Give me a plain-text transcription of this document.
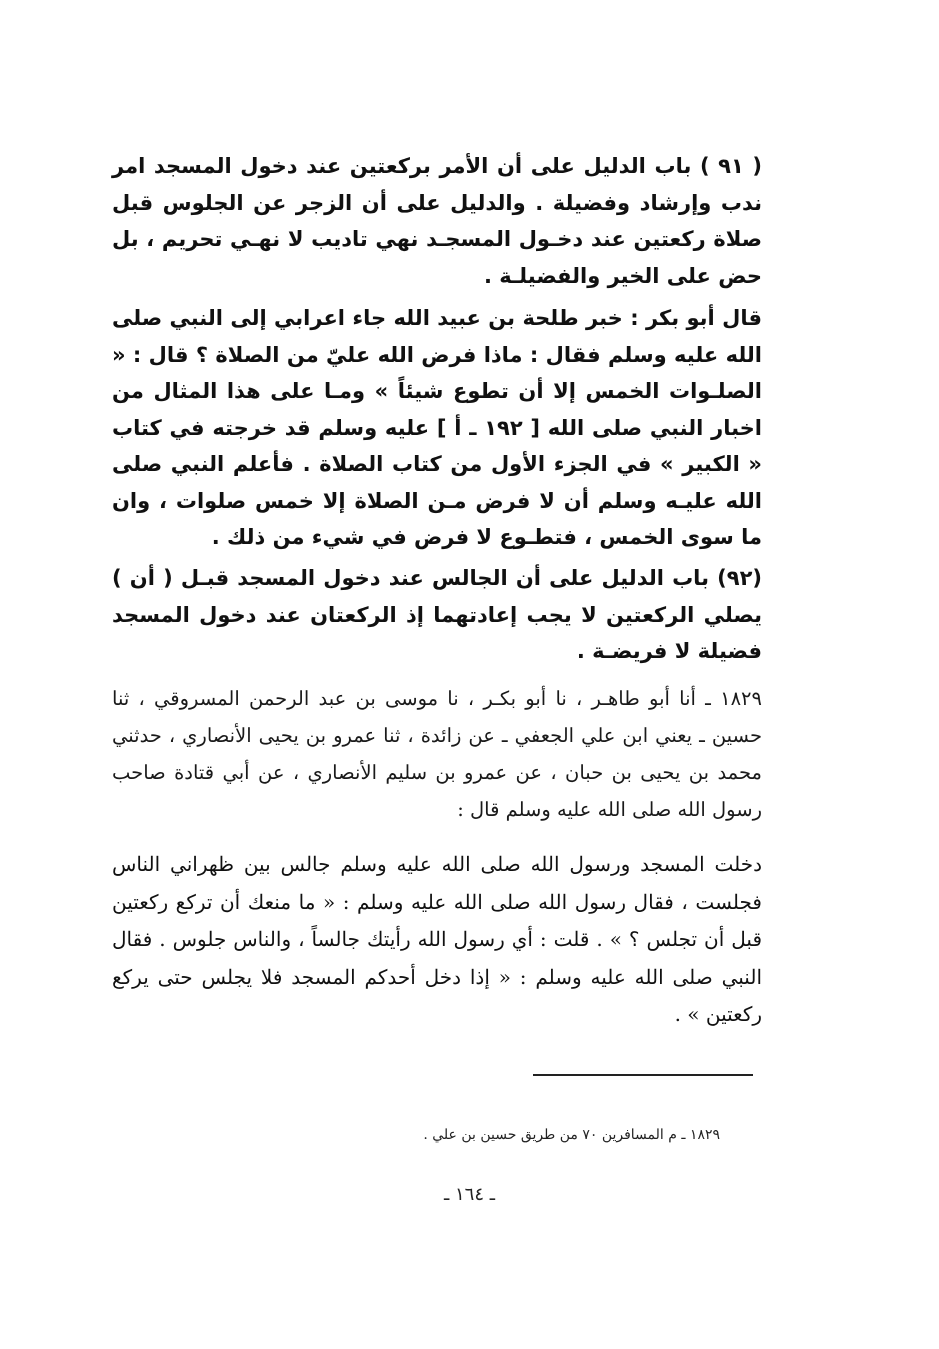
( ٩١ ) باب الدليل على أن الأمر بركعتين عند دخول المسجد امر ندب وإرشاد وفضيلة . والدليل على أن الزجر عن الجلوس قبل صلاة ركعتين عند دخـول المسجـد نهي تاديب لا نهـي تحريم ، بل حض على الخير والفضيلـة .

قال أبو بكر : خبر طلحة بن عبيد الله جاء اعرابي إلى النبي صلى الله عليه وسلم فقال : ماذا فرض الله عليّ من الصلاة ؟ قال : « الصلـوات الخمس إلا أن تطوع شيئاً » ومـا على هذا المثال من اخبار النبي صلى الله [ ١٩٢ ـ أ ] عليه وسلم قد خرجته في كتاب « الكبير » في الجزء الأول من كتاب الصلاة . فأعلم النبي صلى الله عليـه وسلم أن لا فرض مـن الصلاة إلا خمس صلوات ، وان ما سوى الخمس ، فتطـوع لا فرض في شيء من ذلك .

(٩٢) باب الدليل على أن الجالس عند دخول المسجد قبـل ( أن ) يصلي الركعتين لا يجب إعادتهما إذ الركعتان عند دخول المسجد فضيلة لا فريضـة .

١٨٢٩ ـ أنا أبو طاهـر ، نا أبو بكـر ، نا موسى بن عبد الرحمن المسروقي ، ثنا حسين ـ يعني ابن علي الجعفي ـ عن زائدة ، ثنا عمرو بن يحيى الأنصاري ، حدثني محمد بن يحيى بن حبان ، عن عمرو بن سليم الأنصاري ، عن أبي قتادة صاحب رسول الله صلى الله عليه وسلم قال :

دخلت المسجد ورسول الله صلى الله عليه وسلم جالس بين ظهراني الناس فجلست ، فقال رسول الله صلى الله عليه وسلم : « ما منعك أن تركع ركعتين قبل أن تجلس ؟ » . قلت : أي رسول الله رأيتك جالساً ، والناس جلوس . فقال النبي صلى الله عليه وسلم : « إذا دخل أحدكم المسجد فلا يجلس حتى يركع ركعتين » .

١٨٢٩ ـ م المسافرين ٧٠ من طريق حسين بن علي .
ـ ١٦٤ ـ
